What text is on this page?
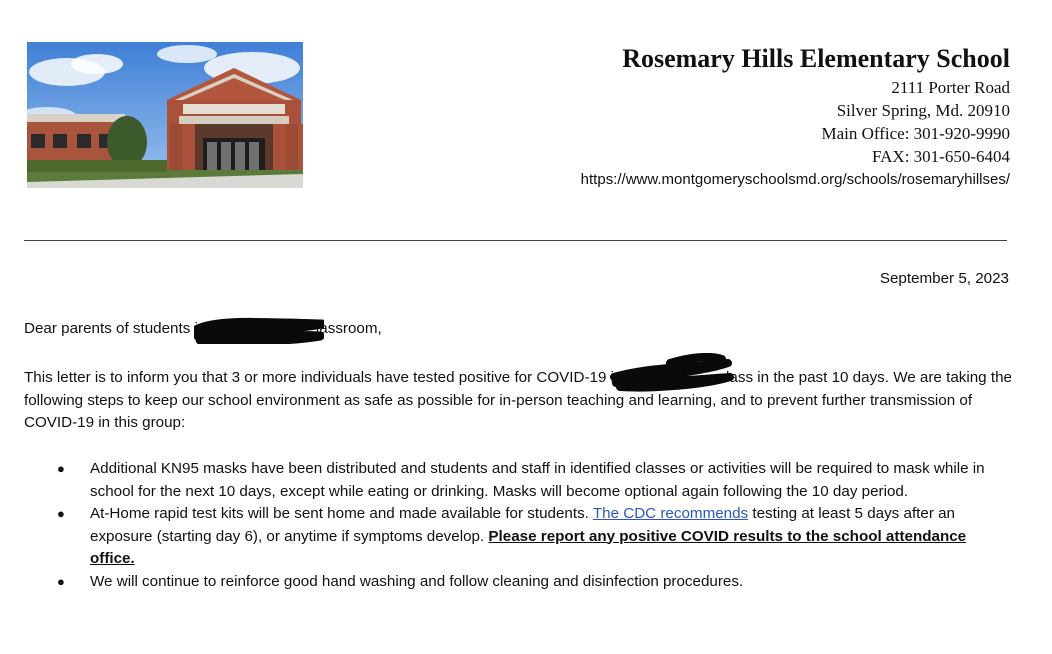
Rosemary Hills Elementary School
2111 Porter Road
Silver Spring, Md. 20910
Main Office: 301-920-9990
FAX: 301-650-6404
https://www.montgomeryschoolsmd.org/schools/rosemaryhillses/
September 5, 2023
Dear parents of students i	lassroom,
This letter is to inform you that 3 or more individuals have tested positive for COVID-19 i	lass in the past 10 days. We are taking the following steps to keep our school environment as safe as possible for in-person teaching and learning, and to prevent further transmission of COVID-19 in this group:
● Additional KN95 masks have been distributed and students and staff in identified classes or activities will be required to mask while in school for the next 10 days, except while eating or drinking. Masks will become optional again following the 10 day period.
● At-Home rapid test kits will be sent home and made available for students. The CDC recommends testing at least 5 days after an exposure (starting day 6), or anytime if symptoms develop. Please report any positive COVID results to the school attendance office.
● We will continue to reinforce good hand washing and follow cleaning and disinfection procedures.
